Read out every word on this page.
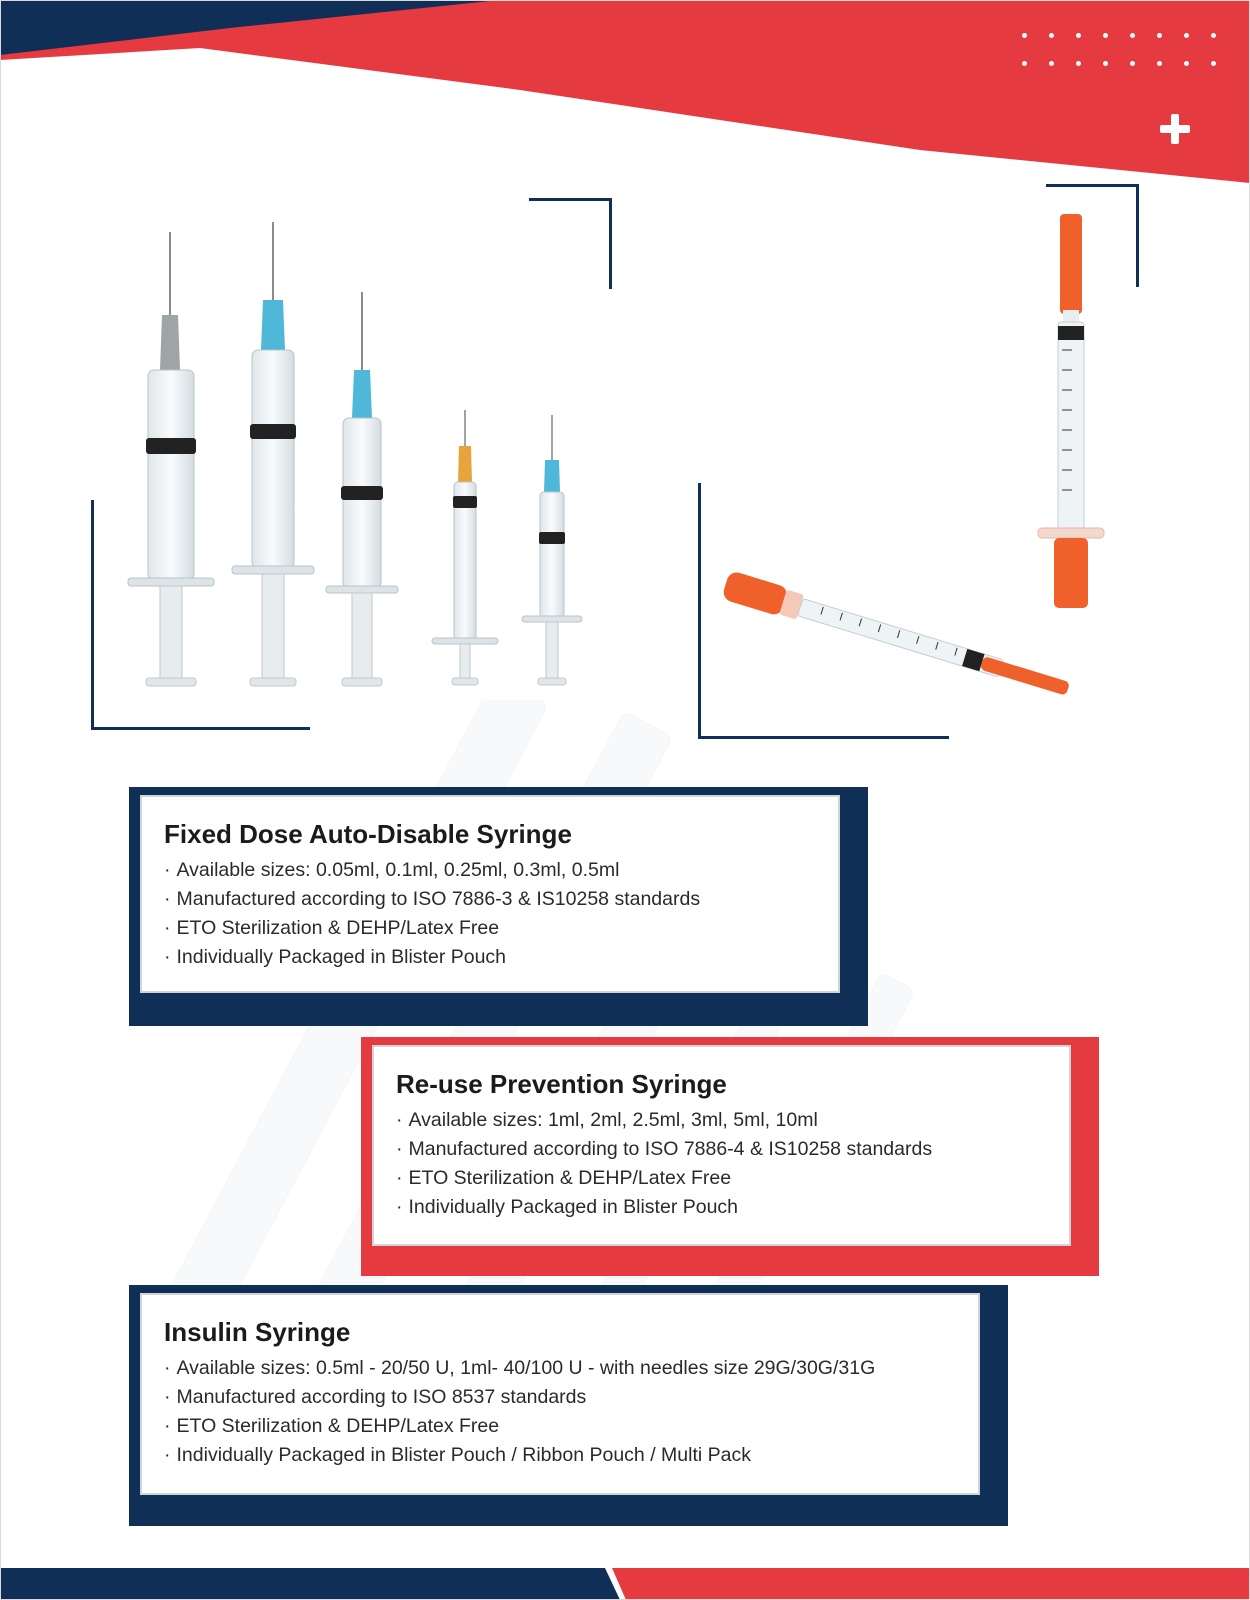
Fixed Dose Auto-Disable Syringe
· Available sizes: 0.05ml, 0.1ml, 0.25ml, 0.3ml, 0.5ml
· Manufactured according to ISO 7886-3 & IS10258 standards
· ETO Sterilization & DEHP/Latex Free
· Individually Packaged in Blister Pouch
Re-use Prevention Syringe
· Available sizes: 1ml, 2ml, 2.5ml, 3ml, 5ml, 10ml
· Manufactured according to ISO 7886-4 & IS10258 standards
· ETO Sterilization & DEHP/Latex Free
· Individually Packaged in Blister Pouch
Insulin Syringe
· Available sizes: 0.5ml - 20/50 U, 1ml- 40/100 U - with needles size 29G/30G/31G
· Manufactured according to ISO 8537 standards
· ETO Sterilization & DEHP/Latex Free
· Individually Packaged in Blister Pouch / Ribbon Pouch / Multi Pack
